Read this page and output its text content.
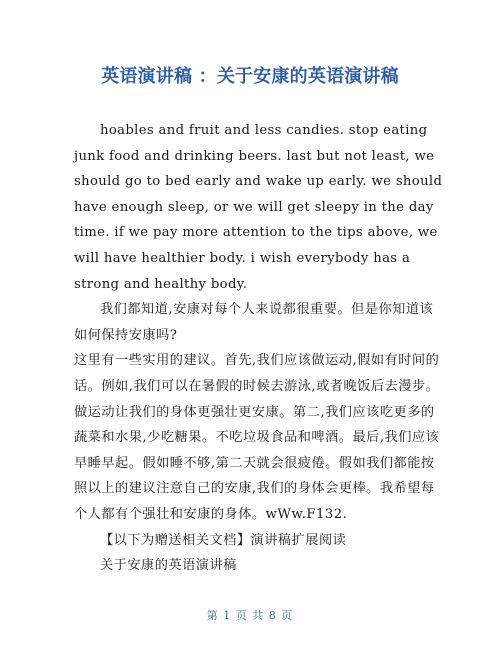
英语演讲稿 ：关于安康的英语演讲稿
hoables and fruit and less candies. stop eating
junk food and drinking beers. last but not least, we
should go to bed early and wake up early. we should
have enough sleep, or we will get sleepy in the day
time. if we pay more attention to the tips above, we
will have healthier body. i wish everybody has a
strong and healthy body.
我们都知道,安康对每个人来说都很重要。但是你知道该
如何保持安康吗?
这里有一些实用的建议。首先,我们应该做运动,假如有时间的
话。例如,我们可以在暑假的时候去游泳,或者晚饭后去漫步。
做运动让我们的身体更强壮更安康。第二,我们应该吃更多的
蔬菜和水果,少吃糖果。不吃垃圾食品和啤酒。最后,我们应该
早睡早起。假如睡不够,第二天就会很疲倦。假如我们都能按
照以上的建议注意自己的安康,我们的身体会更棒。我希望每
个人都有个强壮和安康的身体。wWw.F132.
【以下为赠送相关文档】演讲稿扩展阅读
关于安康的英语演讲稿
第 1 页 共 8 页
